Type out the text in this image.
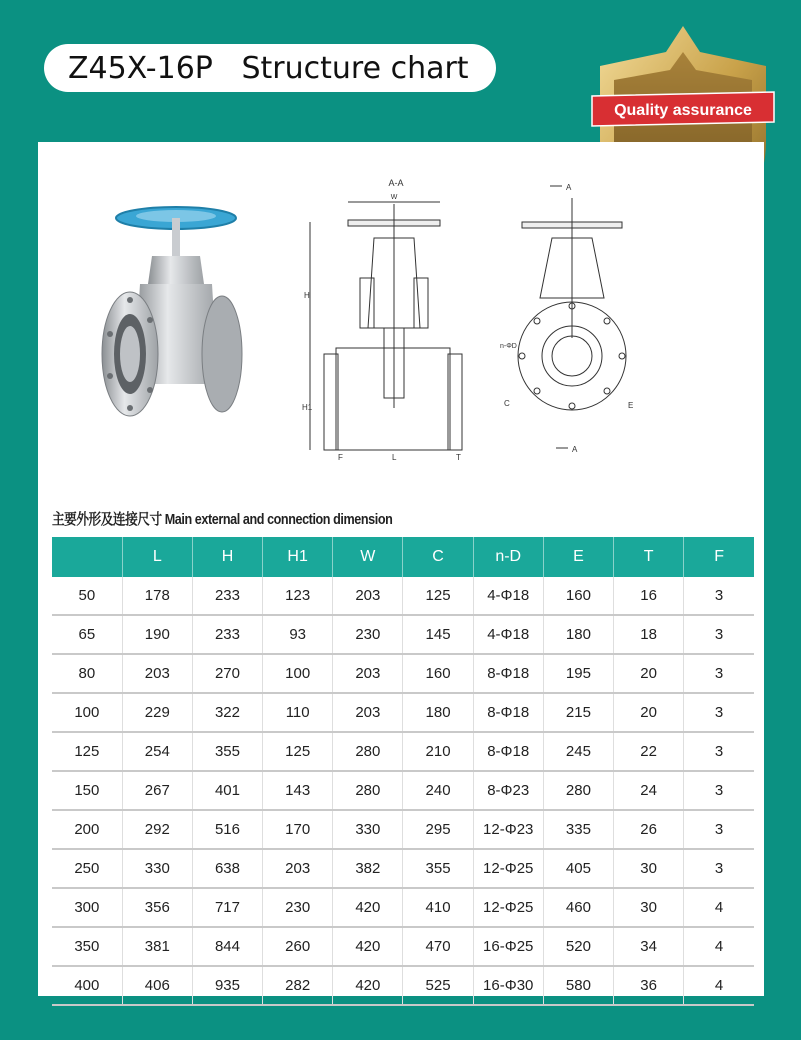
Z45X-16P   Structure chart
Quality assurance
A-A
W
H
H1
F	L	T
A
n-ΦD
C	E
A
主要外形及连接尺寸 Main external and connection dimension
	L	H	H1	W	C	n-D	E	T	F
50	178	233	123	203	125	4-Φ18	160	16	3
65	190	233	93	230	145	4-Φ18	180	18	3
80	203	270	100	203	160	8-Φ18	195	20	3
100	229	322	110	203	180	8-Φ18	215	20	3
125	254	355	125	280	210	8-Φ18	245	22	3
150	267	401	143	280	240	8-Φ23	280	24	3
200	292	516	170	330	295	12-Φ23	335	26	3
250	330	638	203	382	355	12-Φ25	405	30	3
300	356	717	230	420	410	12-Φ25	460	30	4
350	381	844	260	420	470	16-Φ25	520	34	4
400	406	935	282	420	525	16-Φ30	580	36	4
